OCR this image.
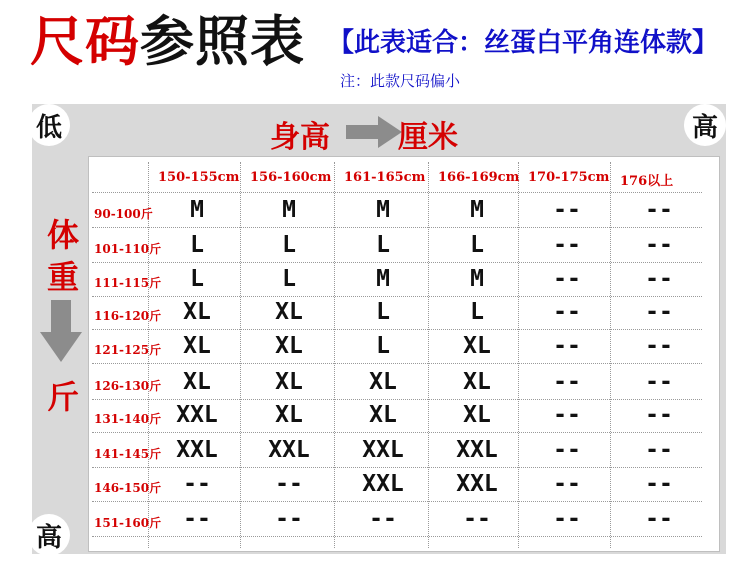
尺码参照表 【此表适合：丝蛋白平角连体款】
注：此款尺码偏小
低	高
高
身高 厘米
体
重
斤
150-155cm 156-160cm 161-165cm 166-169cm 170-175cm 176以上
90-100斤	M	M	M	M	--	--
101-110斤	L	L	L	L	--	--
111-115斤	L	L	M	M	--	--
116-120斤 XL	XL	L	L	--	--
121-125斤 XL	XL	L	XL	--	--
126-130斤 XL	XL	XL	XL	--	--
131-140斤 XXL	XL	XL	XL	--	--
141-145斤 XXL	XXL	XXL	XXL	--	--
146-150斤 --	--	XXL	XXL	--	--
151-160斤 --	--	--	--	--	--
